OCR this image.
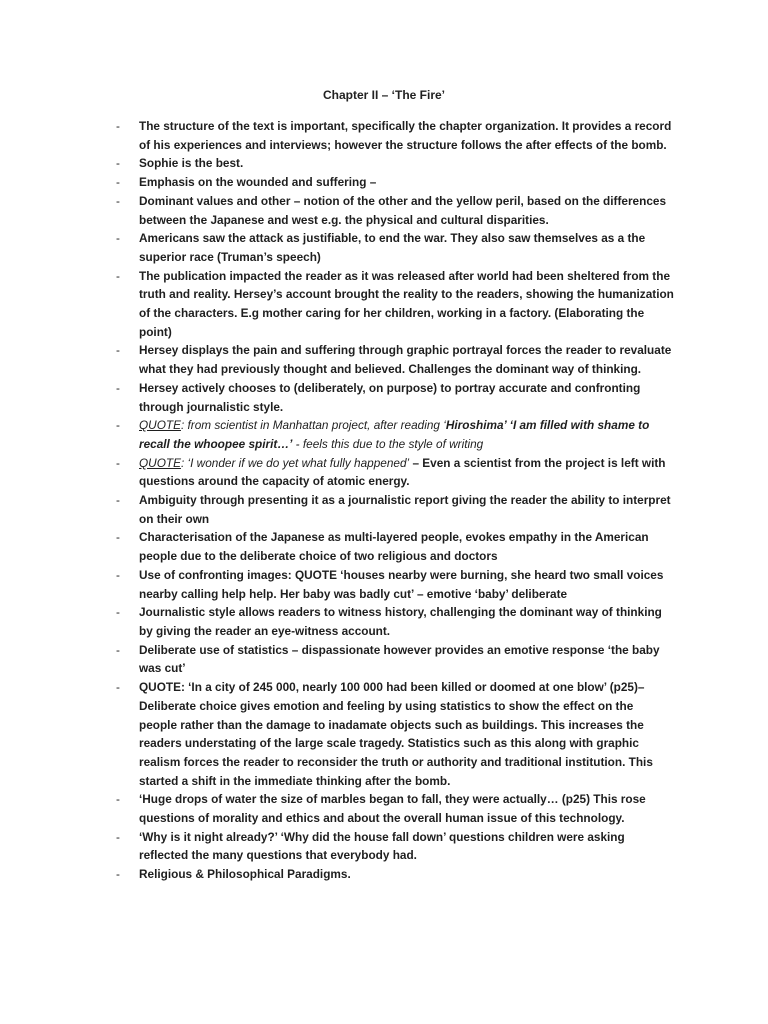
Chapter II – ‘The Fire’
- The structure of the text is important, specifically the chapter organization. It provides a record of his experiences and interviews; however the structure follows the after effects of the bomb.
- Sophie is the best.
- Emphasis on the wounded and suffering –
- Dominant values and other – notion of the other and the yellow peril, based on the differences between the Japanese and west e.g. the physical and cultural disparities.
- Americans saw the attack as justifiable, to end the war. They also saw themselves as a the superior race (Truman’s speech)
- The publication impacted the reader as it was released after world had been sheltered from the truth and reality. Hersey’s account brought the reality to the readers, showing the humanization of the characters. E.g mother caring for her children, working in a factory. (Elaborating the point)
- Hersey displays the pain and suffering through graphic portrayal forces the reader to revaluate what they had previously thought and believed. Challenges the dominant way of thinking.
- Hersey actively chooses to (deliberately, on purpose) to portray accurate and confronting through journalistic style.
- QUOTE: from scientist in Manhattan project, after reading ‘Hiroshima’ ‘I am filled with shame to recall the whoopee spirit…’ - feels this due to the style of writing
- QUOTE: ‘I wonder if we do yet what fully happened’ – Even a scientist from the project is left with questions around the capacity of atomic energy.
- Ambiguity through presenting it as a journalistic report giving the reader the ability to interpret on their own
- Characterisation of the Japanese as multi-layered people, evokes empathy in the American people due to the deliberate choice of two religious and doctors
- Use of confronting images: QUOTE ‘houses nearby were burning, she heard two small voices nearby calling help help. Her baby was badly cut’ – emotive ‘baby’ deliberate
- Journalistic style allows readers to witness history, challenging the dominant way of thinking by giving the reader an eye-witness account.
- Deliberate use of statistics – dispassionate however provides an emotive response ‘the baby was cut’
- QUOTE: ‘In a city of 245 000, nearly 100 000 had been killed or doomed at one blow’ (p25)– Deliberate choice gives emotion and feeling by using statistics to show the effect on the people rather than the damage to inadamate objects such as buildings. This increases the readers understating of the large scale tragedy. Statistics such as this along with graphic realism forces the reader to reconsider the truth or authority and traditional institution. This started a shift in the immediate thinking after the bomb.
- ‘Huge drops of water the size of marbles began to fall, they were actually… (p25) This rose questions of morality and ethics and about the overall human issue of this technology.
- ‘Why is it night already?’ ‘Why did the house fall down’ questions children were asking reflected the many questions that everybody had.
- Religious & Philosophical Paradigms.
